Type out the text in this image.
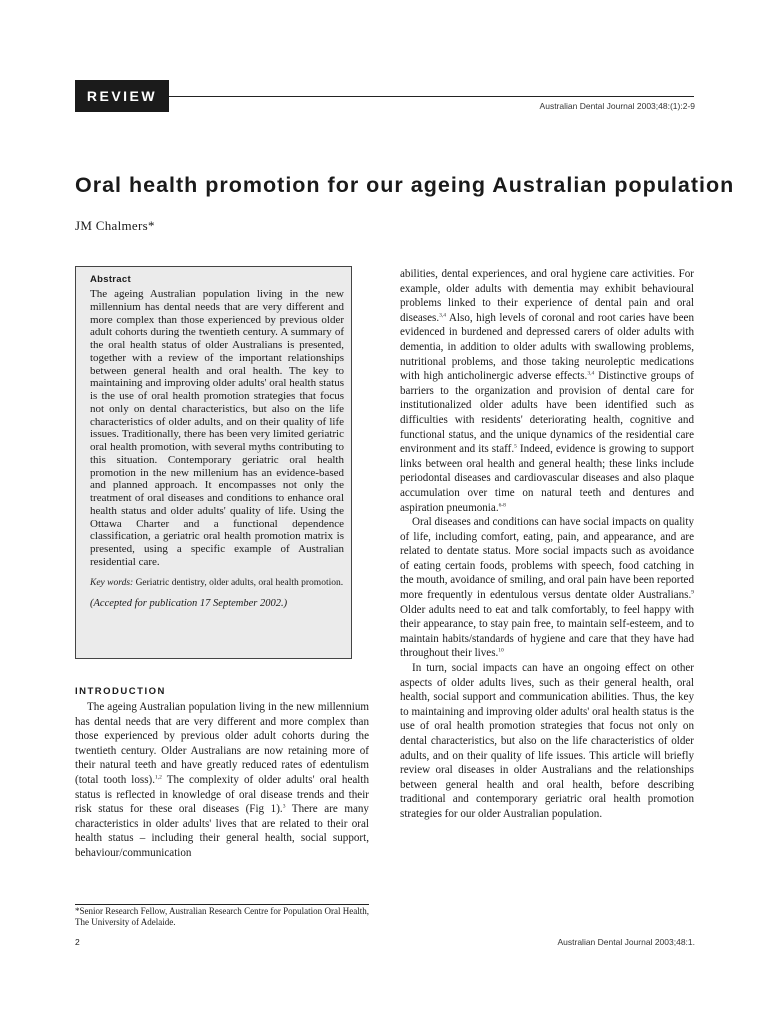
REVIEW
Australian Dental Journal 2003;48:(1):2-9
Oral health promotion for our ageing Australian population
JM Chalmers*
Abstract
The ageing Australian population living in the new millennium has dental needs that are very different and more complex than those experienced by previous older adult cohorts during the twentieth century. A summary of the oral health status of older Australians is presented, together with a review of the important relationships between general health and oral health. The key to maintaining and improving older adults' oral health status is the use of oral health promotion strategies that focus not only on dental characteristics, but also on the life characteristics of older adults, and on their quality of life issues. Traditionally, there has been very limited geriatric oral health promotion, with several myths contributing to this situation. Contemporary geriatric oral health promotion in the new millenium has an evidence-based and planned approach. It encompasses not only the treatment of oral diseases and conditions to enhance oral health status and older adults' quality of life. Using the Ottawa Charter and a functional dependence classification, a geriatric oral health promotion matrix is presented, using a specific example of Australian residential care.
Key words: Geriatric dentistry, older adults, oral health promotion.
(Accepted for publication 17 September 2002.)
INTRODUCTION

The ageing Australian population living in the new millennium has dental needs that are very different and more complex than those experienced by previous older adult cohorts during the twentieth century. Older Australians are now retaining more of their natural teeth and have greatly reduced rates of edentulism (total tooth loss).$^{1,2}$ The complexity of older adults' oral health status is reflected in knowledge of oral disease trends and their risk status for these oral diseases (Fig 1).$^3$ There are many characteristics in older adults' lives that are related to their oral health status – including their general health, social support, behaviour/communication

abilities, dental experiences, and oral hygiene care activities. For example, older adults with dementia may exhibit behavioural problems linked to their experience of dental pain and oral diseases.$^{3,4}$ Also, high levels of coronal and root caries have been evidenced in burdened and depressed carers of older adults with dementia, in addition to older adults with swallowing problems, nutritional problems, and those taking neuroleptic medications with high anticholinergic adverse effects.$^{3,4}$ Distinctive groups of barriers to the organization and provision of dental care for institutionalized older adults have been identified such as difficulties with residents' deteriorating health, cognitive and functional status, and the unique dynamics of the residential care environment and its staff.$^5$ Indeed, evidence is growing to support links between oral health and general health; these links include periodontal diseases and cardiovascular diseases and also plaque accumulation over time on natural teeth and dentures and aspiration pneumonia.$^{6-8}$

Oral diseases and conditions can have social impacts on quality of life, including comfort, eating, pain, and appearance, and are related to dentate status. More social impacts such as avoidance of eating certain foods, problems with speech, food catching in the mouth, avoidance of smiling, and oral pain have been reported more frequently in edentulous versus dentate older Australians.$^9$ Older adults need to eat and talk comfortably, to feel happy with their appearance, to stay pain free, to maintain self-esteem, and to maintain habits/standards of hygiene and care that they have had throughout their lives.$^{10}$

In turn, social impacts can have an ongoing effect on other aspects of older adults lives, such as their general health, oral health, social support and communication abilities. Thus, the key to maintaining and improving older adults' oral health status is the use of oral health promotion strategies that focus not only on dental characteristics, but also on the life characteristics of older adults, and on their quality of life issues. This article will briefly review oral diseases in older Australians and the relationships between general health and oral health, before describing traditional and contemporary geriatric oral health promotion strategies for our older Australian population.

*Senior Research Fellow, Australian Research Centre for Population Oral Health, The University of Adelaide.
2	Australian Dental Journal 2003;48:1.
